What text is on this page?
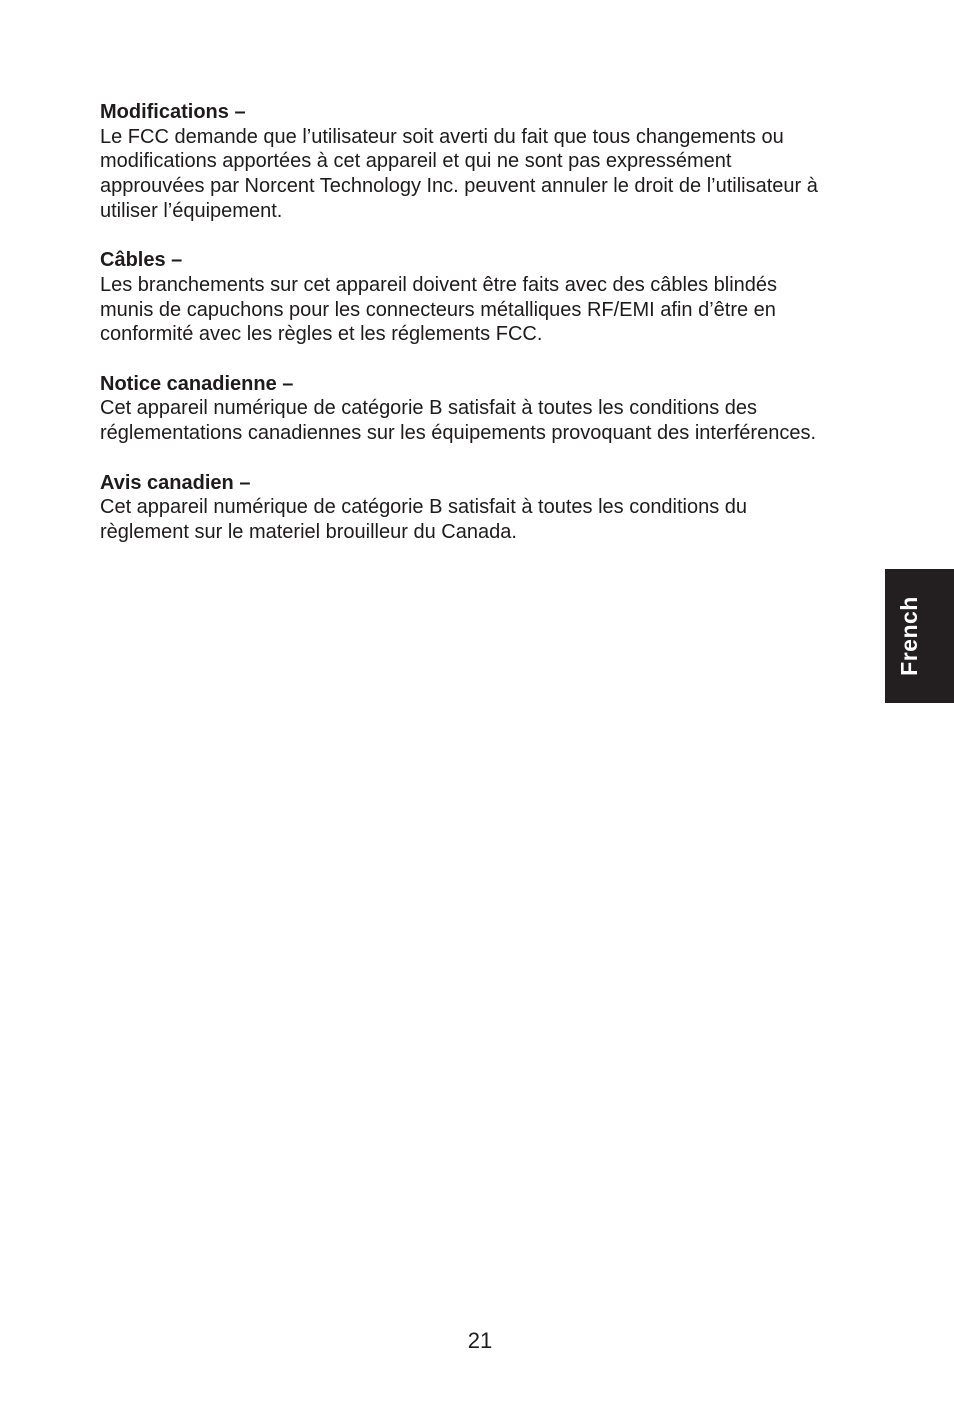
Modifications –
Le FCC demande que l’utilisateur soit averti du fait que tous changements ou
modifications apportées à cet appareil et qui ne sont pas expressément
approuvées par Norcent Technology Inc. peuvent annuler le droit de l’utilisateur à
utiliser l’équipement.
Câbles –
Les branchements sur cet appareil doivent être faits avec des câbles blindés
munis de capuchons pour les connecteurs métalliques RF/EMI afin d’être en
conformité avec les règles et les réglements FCC.
Notice canadienne –
Cet appareil numérique de catégorie B satisfait à toutes les conditions des
réglementations canadiennes sur les équipements provoquant des interférences.
Avis canadien –
Cet appareil numérique de catégorie B satisfait à toutes les conditions du
règlement sur le materiel brouilleur du Canada.
French
21
